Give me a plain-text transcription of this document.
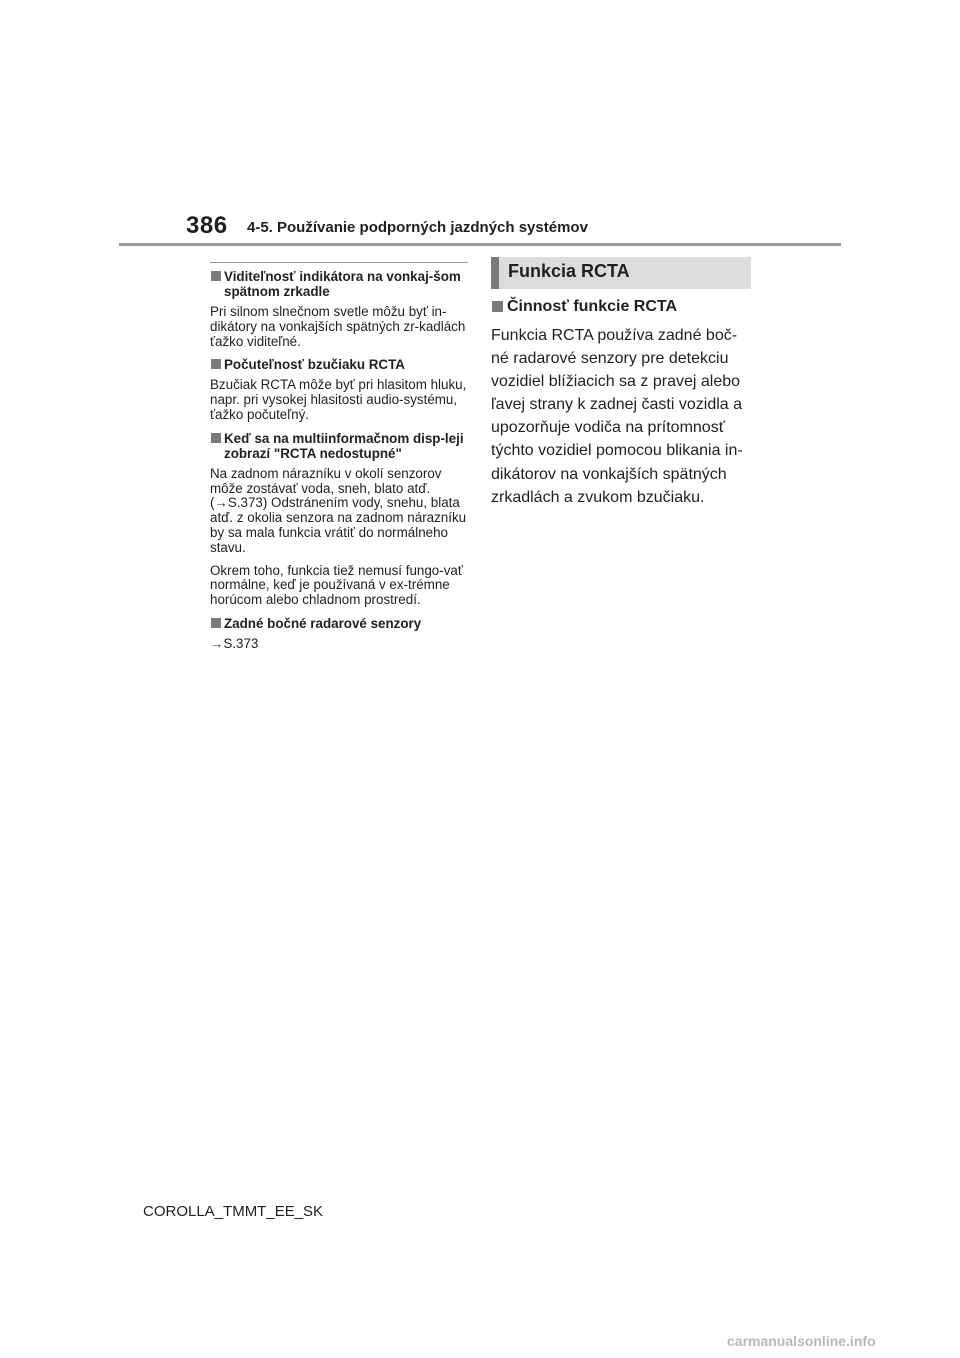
386 4-5. Používanie podporných jazdných systémov
Viditeľnosť indikátora na vonkaj-šom spätnom zrkadle

Pri silnom slnečnom svetle môžu byť in-dikátory na vonkajších spätných zr-kadlách ťažko viditeľné.

Počuteľnosť bzučiaku RCTA

Bzučiak RCTA môže byť pri hlasitom hluku, napr. pri vysokej hlasitosti audio-systému, ťažko počuteľný.

Keď sa na multiinformačnom disp-leji zobrazí "RCTA nedostupné"

Na zadnom nárazníku v okolí senzorov môže zostávať voda, sneh, blato atď. (→S.373) Odstránením vody, snehu, blata atď. z okolia senzora na zadnom nárazníku by sa mala funkcia vrátiť do normálneho stavu.

Okrem toho, funkcia tiež nemusí fungo-vať normálne, keď je používaná v ex-trémne horúcom alebo chladnom prostredí.

Zadné bočné radarové senzory

→S.373

Funkcia RCTA
Činnosť funkcie RCTA

Funkcia RCTA používa zadné boč-né radarové senzory pre detekciu vozidiel blížiacich sa z pravej alebo ľavej strany k zadnej časti vozidla a upozorňuje vodiča na prítomnosť týchto vozidiel pomocou blikania in-dikátorov na vonkajších spätných zrkadlách a zvukom bzučiaku.

COROLLA_TMMT_EE_SK
carmanualsonline.info
